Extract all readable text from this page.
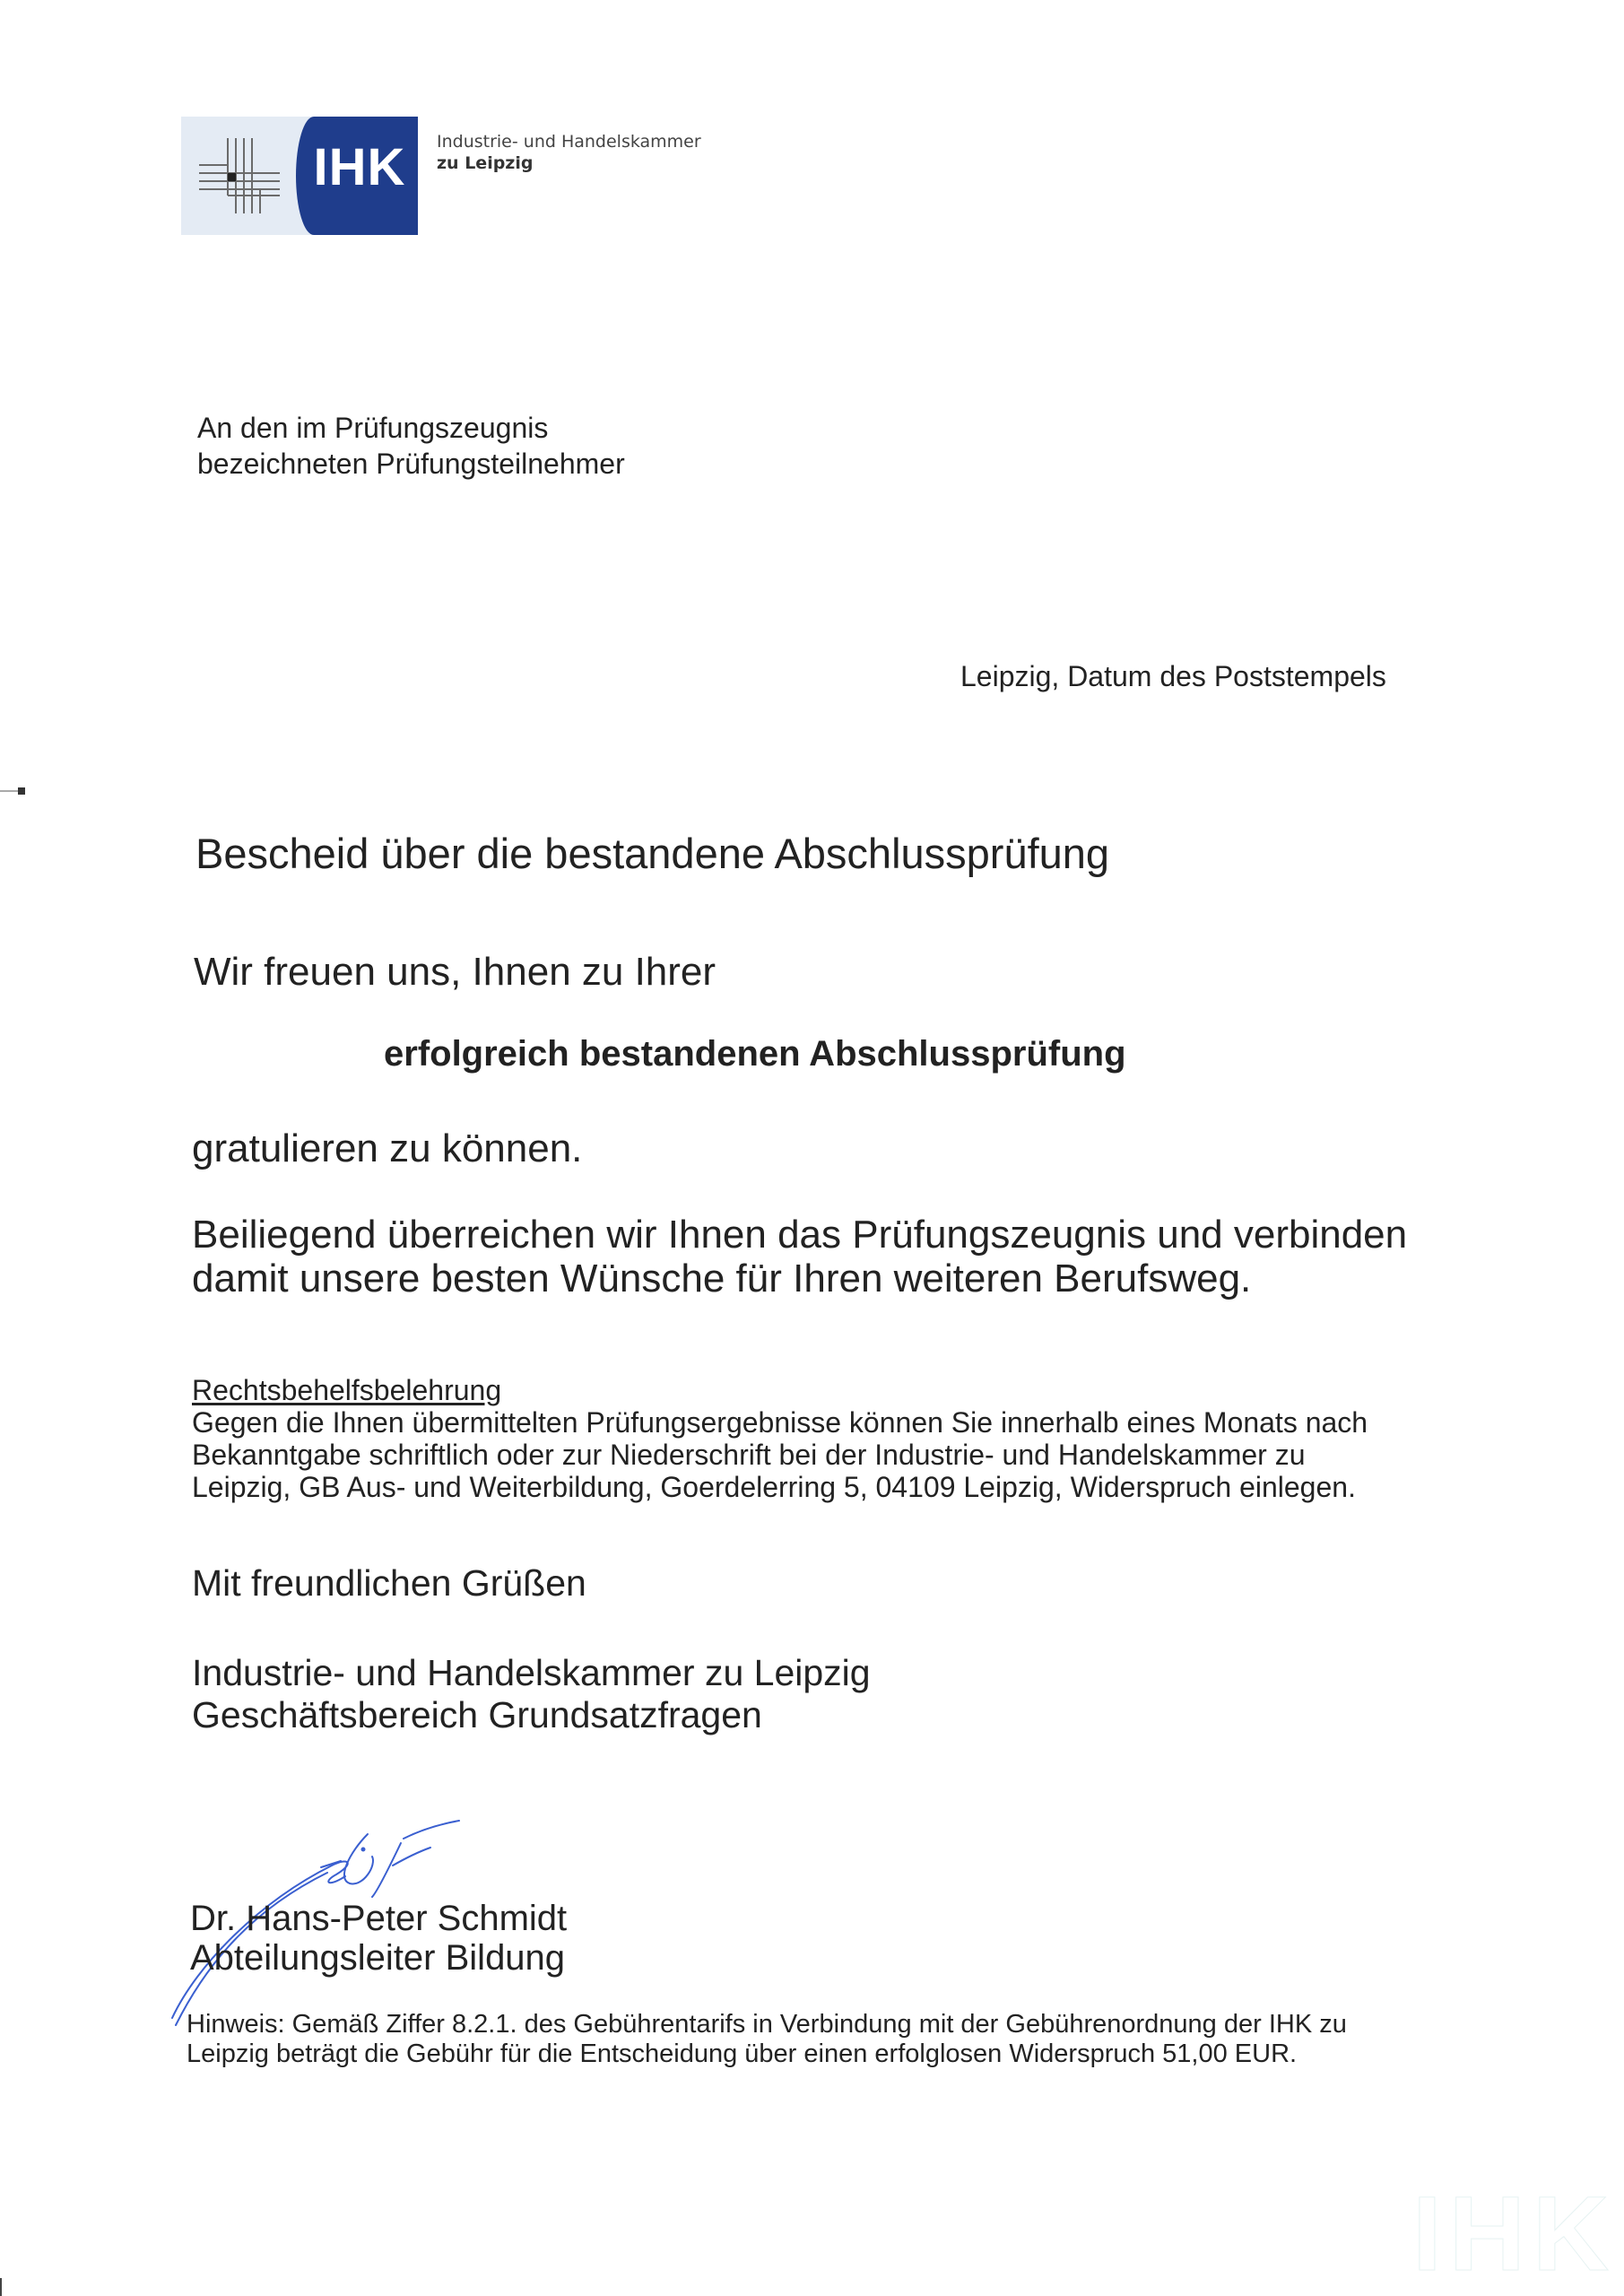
IHK	Industrie- und Handelskammer
zu Leipzig
An den im Prüfungszeugnis
bezeichneten Prüfungsteilnehmer
Leipzig, Datum des Poststempels
Bescheid über die bestandene Abschlussprüfung
Wir freuen uns, Ihnen zu Ihrer
erfolgreich bestandenen Abschlussprüfung
gratulieren zu können.
Beiliegend überreichen wir Ihnen das Prüfungszeugnis und verbinden
damit unsere besten Wünsche für Ihren weiteren Berufsweg.
Rechtsbehelfsbelehrung
Gegen die Ihnen übermittelten Prüfungsergebnisse können Sie innerhalb eines Monats nach
Bekanntgabe schriftlich oder zur Niederschrift bei der Industrie- und Handelskammer zu
Leipzig, GB Aus- und Weiterbildung, Goerdelerring 5, 04109 Leipzig, Widerspruch einlegen.
Mit freundlichen Grüßen
Industrie- und Handelskammer zu Leipzig
Geschäftsbereich Grundsatzfragen
Dr. Hans-Peter Schmidt
Abteilungsleiter Bildung
Hinweis: Gemäß Ziffer 8.2.1. des Gebührentarifs in Verbindung mit der Gebührenordnung der IHK zu
Leipzig beträgt die Gebühr für die Entscheidung über einen erfolglosen Widerspruch 51,00 EUR.
IHK
